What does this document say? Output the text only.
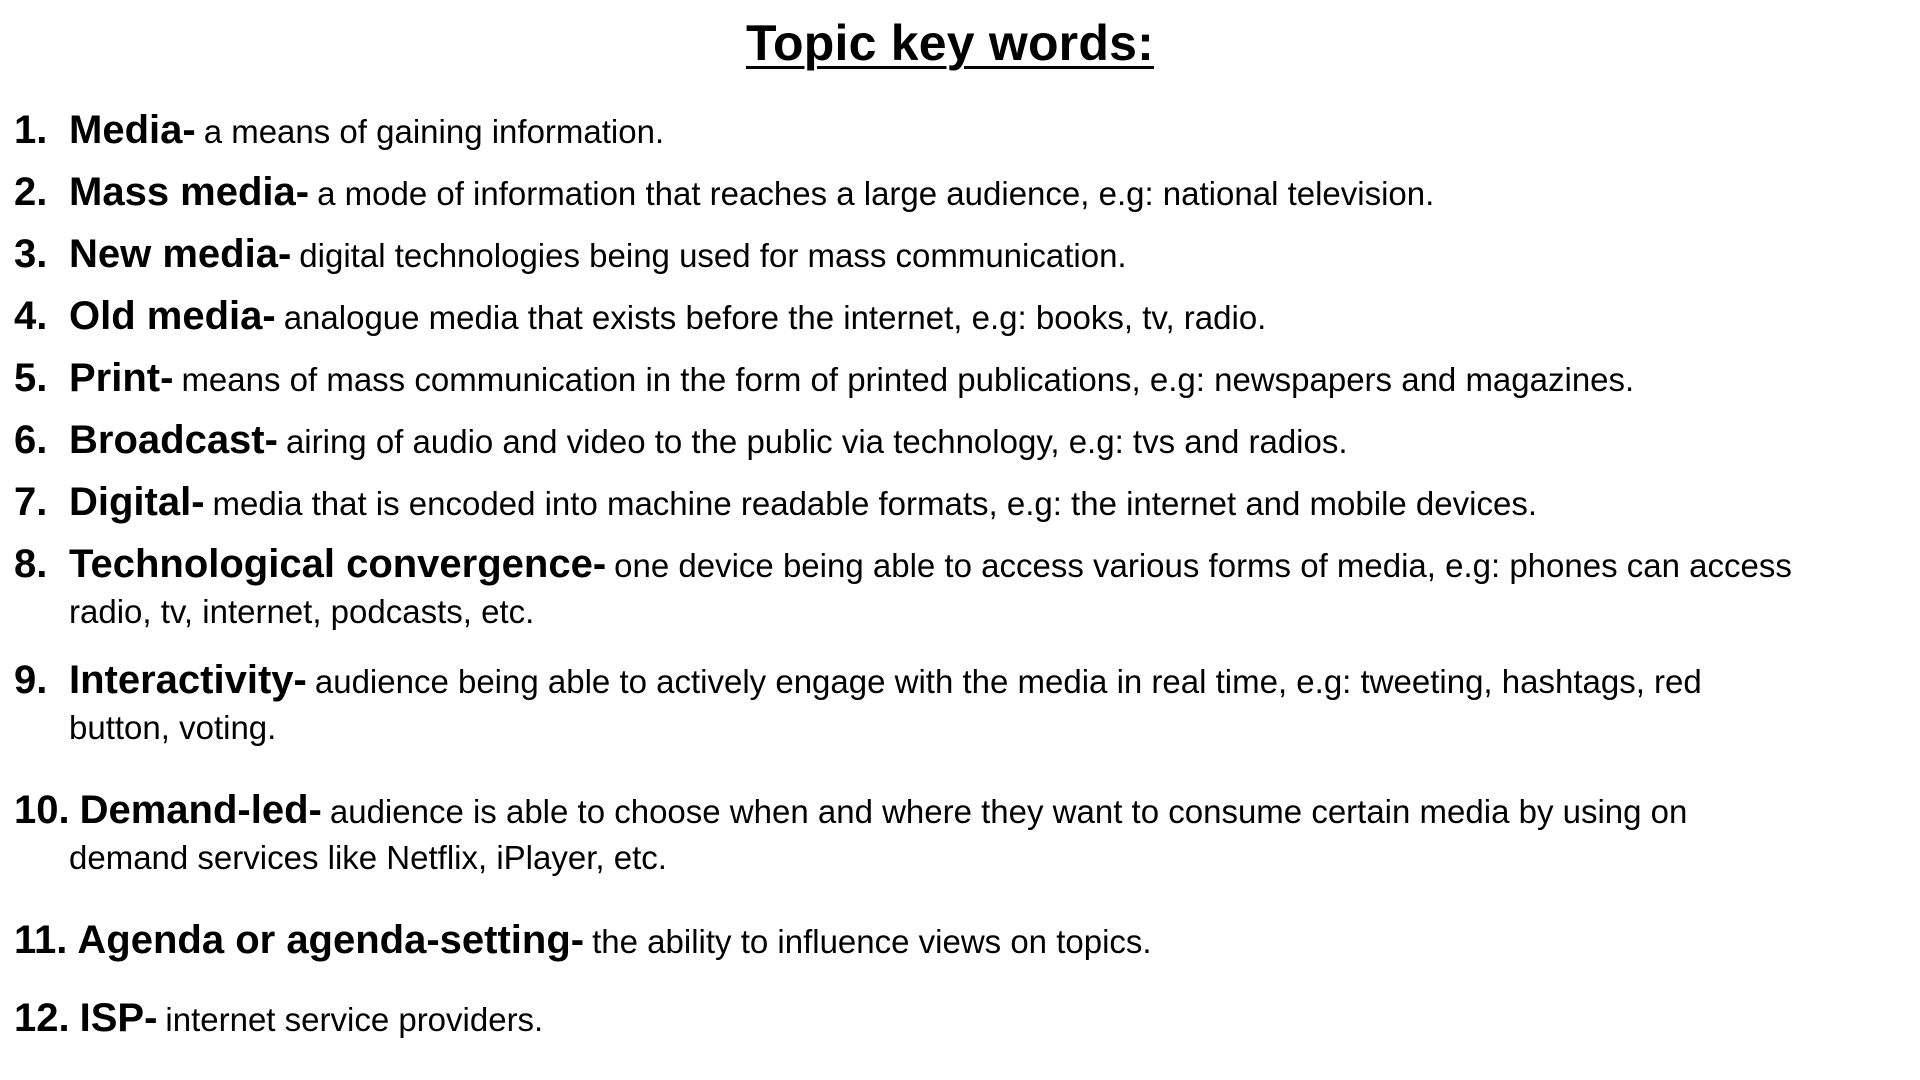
Topic key words:
1. Media- a means of gaining information.
2. Mass media- a mode of information that reaches a large audience, e.g: national television.
3. New media- digital technologies being used for mass communication.
4. Old media- analogue media that exists before the internet, e.g: books, tv, radio.
5. Print- means of mass communication in the form of printed publications, e.g: newspapers and magazines.
6. Broadcast- airing of audio and video to the public via technology, e.g: tvs and radios.
7. Digital- media that is encoded into machine readable formats, e.g: the internet and mobile devices.
8. Technological convergence- one device being able to access various forms of media, e.g: phones can access
radio, tv, internet, podcasts, etc.
9. Interactivity- audience being able to actively engage with the media in real time, e.g: tweeting, hashtags, red
button, voting.
10. Demand-led- audience is able to choose when and where they want to consume certain media by using on
demand services like Netflix, iPlayer, etc.
11. Agenda or agenda-setting- the ability to influence views on topics.
12. ISP- internet service providers.
